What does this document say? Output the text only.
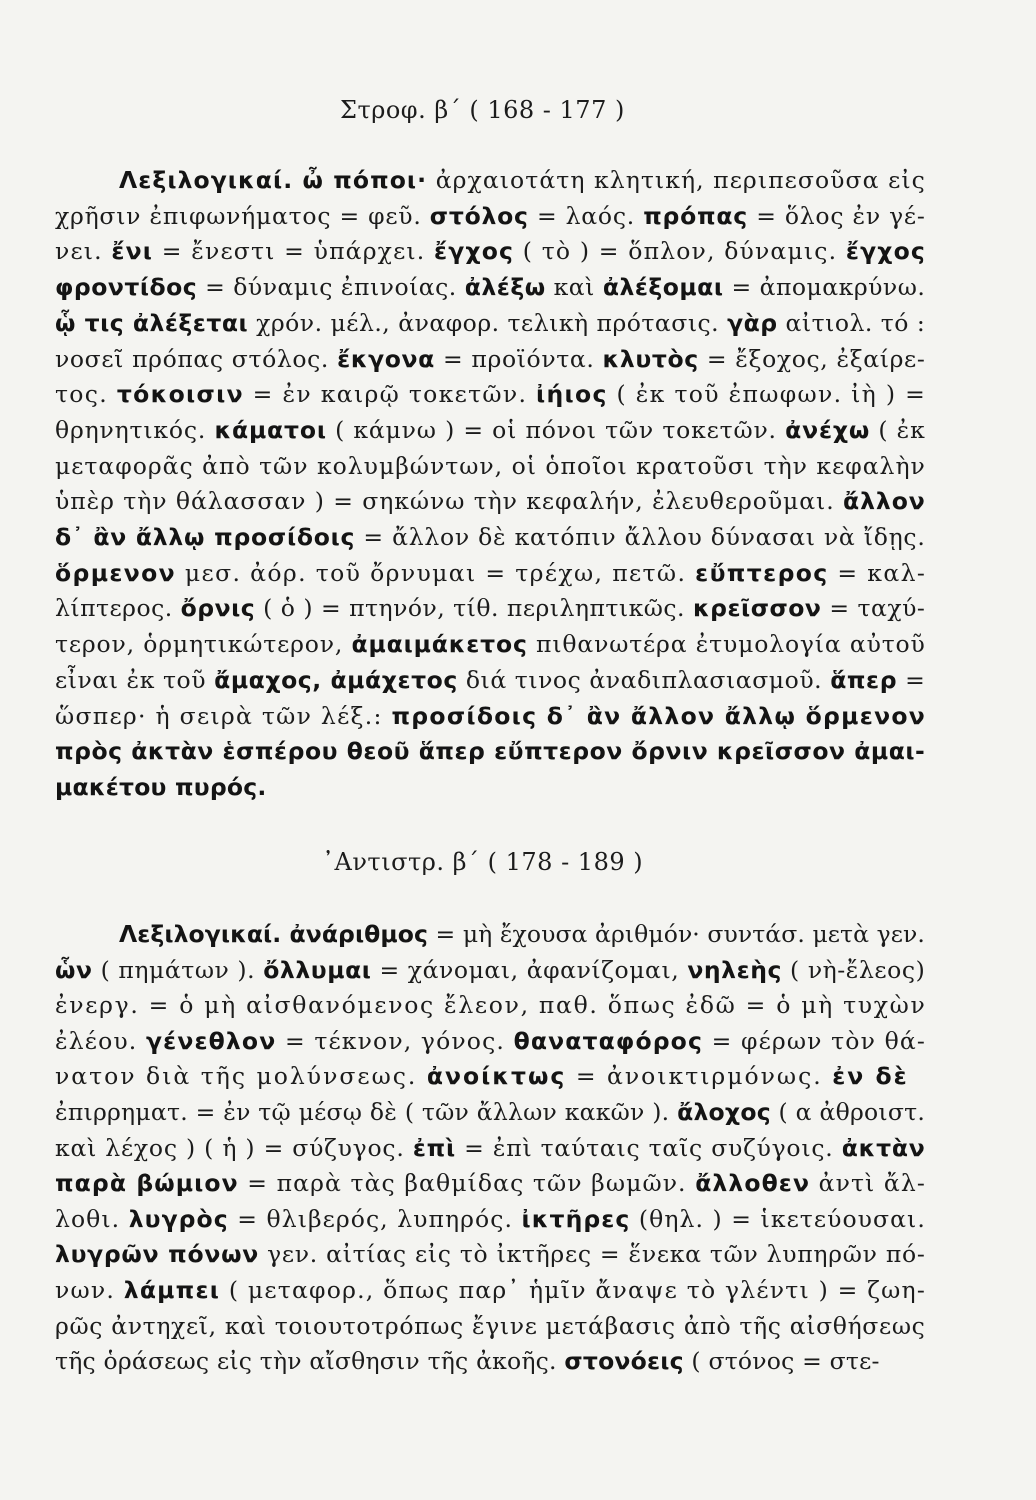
Στροφ. β΄ ( 168 - 177 )
Λεξιλογικαί. ὦ πόποι· ἀρχαιοτάτη κλητική, περιπεσοῦσα εἰς
χρῆσιν ἐπιφωνήματος = φεῦ. στόλος = λαός. πρόπας = ὅλος ἐν γέ-
νει. ἔνι = ἔνεστι = ὑπάρχει. ἔγχος ( τὸ ) = ὅπλον, δύναμις. ἔγχος
φροντίδος = δύναμις ἐπινοίας. ἀλέξω καὶ ἀλέξομαι = ἀπομακρύνω.
ᾧ τις ἀλέξεται χρόν. μέλ., ἀναφορ. τελικὴ πρότασις. γὰρ αἰτιολ. τό :
νοσεῖ πρόπας στόλος. ἔκγονα = προϊόντα. κλυτὸς = ἔξοχος, ἐξαίρε-
τος. τόκοισιν = ἐν καιρῷ τοκετῶν. ἰήιος ( ἐκ τοῦ ἐπωφων. ἰὴ ) =
θρηνητικός. κάματοι ( κάμνω ) = οἱ πόνοι τῶν τοκετῶν. ἀνέχω ( ἐκ
μεταφορᾶς ἀπὸ τῶν κολυμβώντων, οἱ ὁποῖοι κρατοῦσι τὴν κεφαλὴν
ὑπὲρ τὴν θάλασσαν ) = σηκώνω τὴν κεφαλήν, ἐλευθεροῦμαι. ἄλλον
δ᾿ ἂν ἄλλῳ προσίδοις = ἄλλον δὲ κατόπιν ἄλλου δύνασαι νὰ ἴδῃς.
ὅρμενον μεσ. ἀόρ. τοῦ ὄρνυμαι = τρέχω, πετῶ. εὔπτερος = καλ-
λίπτερος. ὄρνις ( ὁ ) = πτηνόν, τίθ. περιληπτικῶς. κρεῖσσον = ταχύ-
τερον, ὁρμητικώτερον, ἀμαιμάκετος πιθανωτέρα ἐτυμολογία αὐτοῦ
εἶναι ἐκ τοῦ ἄμαχος, ἀμάχετος διά τινος ἀναδιπλασιασμοῦ. ἅπερ =
ὥσπερ· ἡ σειρὰ τῶν λέξ.: προσίδοις δ᾿ ἂν ἄλλον ἄλλῳ ὅρμενον
πρὸς ἀκτὰν ἑσπέρου θεοῦ ἅπερ εὔπτερον ὄρνιν κρεῖσσον ἀμαι-
μακέτου πυρός.
᾿Αντιστρ. β΄ ( 178 - 189 )
Λεξιλογικαί. ἀνάριθμος = μὴ ἔχουσα ἀριθμόν· συντάσ. μετὰ γεν.
ὧν ( πημάτων ). ὄλλυμαι = χάνομαι, ἀφανίζομαι, νηλεὴς ( νὴ-ἔλεος)
ἐνεργ. = ὁ μὴ αἰσθανόμενος ἔλεον, παθ. ὅπως ἐδῶ = ὁ μὴ τυχὼν
ἐλέου. γένεθλον = τέκνον, γόνος. θαναταφόρος = φέρων τὸν θά-
νατον διὰ τῆς μολύνσεως. ἀνοίκτως = ἀνοικτιρμόνως. ἐν δὲ
ἐπιρρηματ. = ἐν τῷ μέσῳ δὲ ( τῶν ἄλλων κακῶν ). ἄλοχος ( α ἀθροιστ.
καὶ λέχος ) ( ἡ ) = σύζυγος. ἐπὶ = ἐπὶ ταύταις ταῖς συζύγοις. ἀκτὰν
παρὰ βώμιον = παρὰ τὰς βαθμίδας τῶν βωμῶν. ἄλλοθεν ἀντὶ ἄλ-
λοθι. λυγρὸς = θλιβερός, λυπηρός. ἰκτῆρες (θηλ. ) = ἱκετεύουσαι.
λυγρῶν πόνων γεν. αἰτίας εἰς τὸ ἰκτῆρες = ἕνεκα τῶν λυπηρῶν πό-
νων. λάμπει ( μεταφορ., ὅπως παρ᾿ ἡμῖν ἄναψε τὸ γλέντι ) = ζωη-
ρῶς ἀντηχεῖ, καὶ τοιουτοτρόπως ἔγινε μετάβασις ἀπὸ τῆς αἰσθήσεως
τῆς ὁράσεως εἰς τὴν αἴσθησιν τῆς ἀκοῆς. στονόεις ( στόνος = στε-
